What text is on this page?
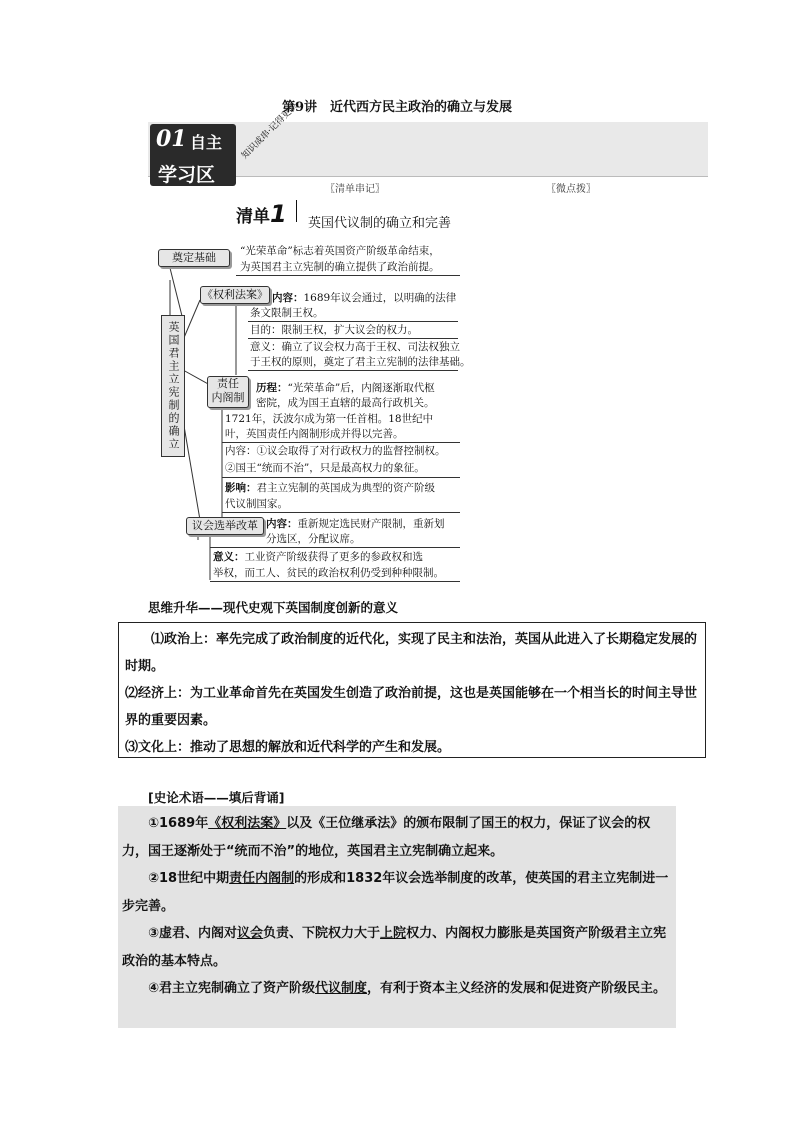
第9讲　近代西方民主政治的确立与发展
01 自主
学习区
知识成串·记得更快
〖清单串记〗	〖微点拨〗
清单1 英国代议制的确立和完善
英国君主立宪制的确立
奠定基础
《权利法案》
责任
内阁制
议会选举改革
“光荣革命”标志着英国资产阶级革命结束，
为英国君主立宪制的确立提供了政治前提。
内容：1689年议会通过，以明确的法律
条文限制王权。
目的：限制王权，扩大议会的权力。
意义：确立了议会权力高于王权、司法权独立
于王权的原则，奠定了君主立宪制的法律基础。
历程：“光荣革命”后，内阁逐渐取代枢
密院，成为国王直辖的最高行政机关。
1721年，沃波尔成为第一任首相。18世纪中
叶，英国责任内阁制形成并得以完善。
内容：①议会取得了对行政权力的监督控制权。
②国王“统而不治”，只是最高权力的象征。
影响：君主立宪制的英国成为典型的资产阶级
代议制国家。
内容：重新规定选民财产限制，重新划
分选区，分配议席。
意义：工业资产阶级获得了更多的参政权和选
举权，而工人、贫民的政治权利仍受到种种限制。
思维升华——现代史观下英国制度创新的意义

⑴政治上：率先完成了政治制度的近代化，实现了民主和法治，英国从此进入了长期稳定发展的时期。

⑵经济上：为工业革命首先在英国发生创造了政治前提，这也是英国能够在一个相当长的时间主导世界的重要因素。

⑶文化上：推动了思想的解放和近代科学的产生和发展。

[史论术语——填后背诵]

①1689年《权利法案》以及《王位继承法》的颁布限制了国王的权力，保证了议会的权力，国王逐渐处于“统而不治”的地位，英国君主立宪制确立起来。

②18世纪中期责任内阁制的形成和1832年议会选举制度的改革，使英国的君主立宪制进一步完善。

③虚君、内阁对议会负责、下院权力大于上院权力、内阁权力膨胀是英国资产阶级君主立宪政治的基本特点。

④君主立宪制确立了资产阶级代议制度，有利于资本主义经济的发展和促进资产阶级民主。
